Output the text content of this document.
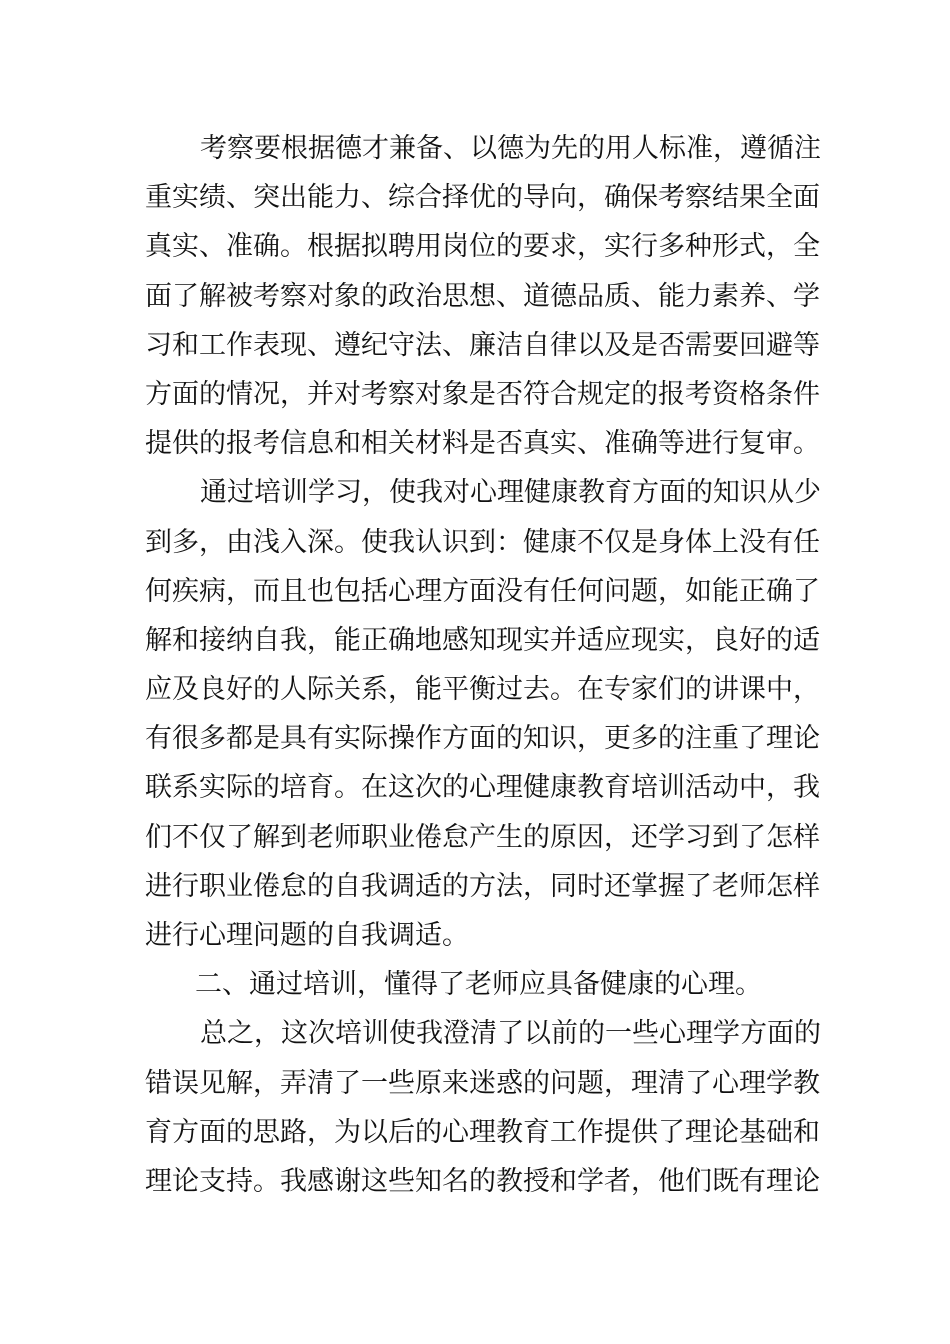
考察要根据德才兼备、以德为先的用人标准，遵循注
重实绩、突出能力、综合择优的导向，确保考察结果全面
真实、准确。根据拟聘用岗位的要求，实行多种形式，全
面了解被考察对象的政治思想、道德品质、能力素养、学
习和工作表现、遵纪守法、廉洁自律以及是否需要回避等
方面的情况，并对考察对象是否符合规定的报考资格条件
提供的报考信息和相关材料是否真实、准确等进行复审。
通过培训学习，使我对心理健康教育方面的知识从少
到多，由浅入深。使我认识到：健康不仅是身体上没有任
何疾病，而且也包括心理方面没有任何问题，如能正确了
解和接纳自我，能正确地感知现实并适应现实，良好的适
应及良好的人际关系，能平衡过去。在专家们的讲课中，
有很多都是具有实际操作方面的知识，更多的注重了理论
联系实际的培育。在这次的心理健康教育培训活动中，我
们不仅了解到老师职业倦怠产生的原因，还学习到了怎样
进行职业倦怠的自我调适的方法，同时还掌握了老师怎样
进行心理问题的自我调适。
二、通过培训，懂得了老师应具备健康的心理。
总之，这次培训使我澄清了以前的一些心理学方面的
错误见解，弄清了一些原来迷惑的问题，理清了心理学教
育方面的思路，为以后的心理教育工作提供了理论基础和
理论支持。我感谢这些知名的教授和学者，他们既有理论
